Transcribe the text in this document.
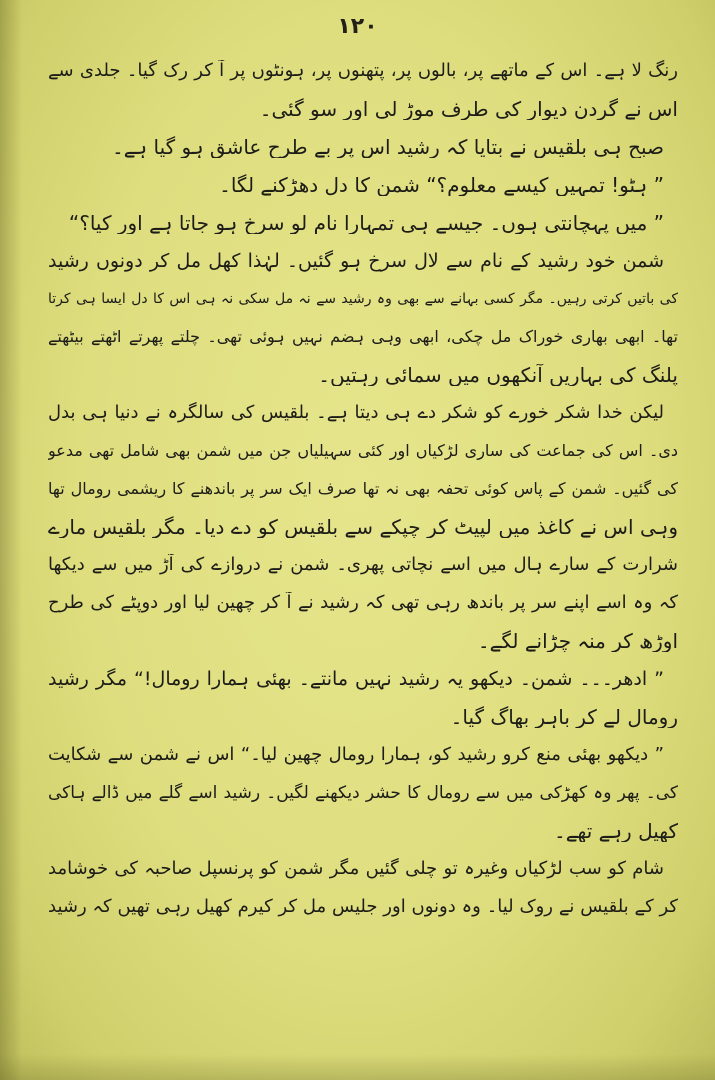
۱۲۰
رنگ لا ہے۔ اس کے ماتھے پر، بالوں پر، پتھنوں پر، ہونٹوں پر آ کر رک گیا۔ جلدی سے
اس نے گردن دیوار کی طرف موڑ لی اور سو گئی۔
صبح ہی بلقیس نے بتایا کہ رشید اس پر بے طرح عاشق ہو گیا ہے۔
” ہٹو! تمہیں کیسے معلوم؟“ شمن کا دل دھڑکنے لگا۔
” میں پہچانتی ہوں۔ جیسے ہی تمہارا نام لو سرخ ہو جاتا ہے اور کیا؟“
شمن خود رشید کے نام سے لال سرخ ہو گئیں۔ لہٰذا کھل مل کر دونوں رشید
کی باتیں کرتی رہیں۔ مگر کسی بہانے سے بھی وہ رشید سے نہ مل سکی نہ ہی اس کا دل ایسا ہی کرتا
تھا۔ ابھی بھاری خوراک مل چکی، ابھی وہی ہضم نہیں ہوئی تھی۔ چلتے پھرتے اٹھتے بیٹھتے
پلنگ کی بہاریں آنکھوں میں سمائی رہتیں۔
لیکن خدا شکر خورے کو شکر دے ہی دیتا ہے۔ بلقیس کی سالگرہ نے دنیا ہی بدل
دی۔ اس کی جماعت کی ساری لڑکیاں اور کئی سہیلیاں جن میں شمن بھی شامل تھی مدعو
کی گئیں۔ شمن کے پاس کوئی تحفہ بھی نہ تھا صرف ایک سر پر باندھنے کا ریشمی رومال تھا
وہی اس نے کاغذ میں لپیٹ کر چپکے سے بلقیس کو دے دیا۔ مگر بلقیس مارے
شرارت کے سارے ہال میں اسے نچاتی پھری۔ شمن نے دروازے کی آڑ میں سے دیکھا
کہ وہ اسے اپنے سر پر باندھ رہی تھی کہ رشید نے آ کر چھین لیا اور دوپٹے کی طرح
اوڑھ کر منہ چڑانے لگے۔
” ادھر۔۔۔ شمن۔ دیکھو یہ رشید نہیں مانتے۔ بھئی ہمارا رومال!“ مگر رشید
رومال لے کر باہر بھاگ گیا۔
” دیکھو بھئی منع کرو رشید کو، ہمارا رومال چھین لیا۔“ اس نے شمن سے شکایت
کی۔ پھر وہ کھڑکی میں سے رومال کا حشر دیکھنے لگیں۔ رشید اسے گلے میں ڈالے ہاکی
کھیل رہے تھے۔
شام کو سب لڑکیاں وغیرہ تو چلی گئیں مگر شمن کو پرنسپل صاحبہ کی خوشامد
کر کے بلقیس نے روک لیا۔ وہ دونوں اور جلیس مل کر کیرم کھیل رہی تھیں کہ رشید
